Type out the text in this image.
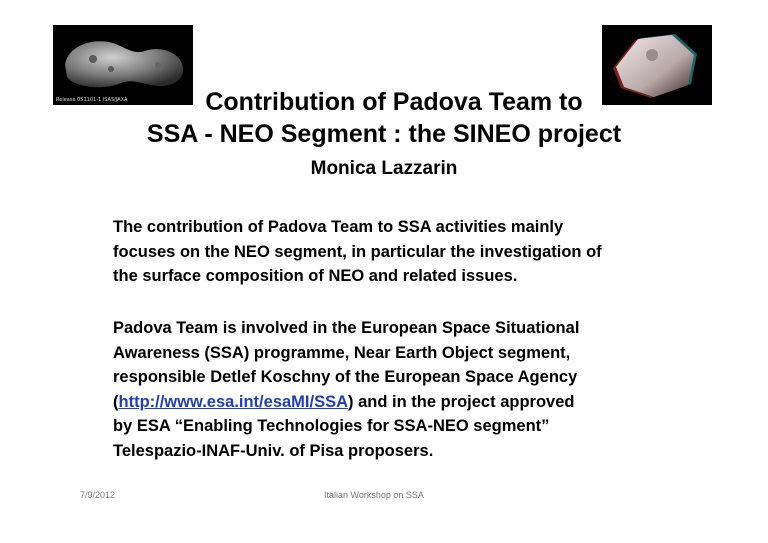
Release 051101-1 ISAS/JAXA	Contribution of Padova Team to
SSA - NEO Segment : the SINEO project
Monica Lazzarin
The contribution of Padova Team to SSA activities mainly
focuses on the NEO segment, in particular the investigation of
the surface composition of NEO and related issues.
Padova Team is involved in the European Space Situational
Awareness (SSA) programme, Near Earth Object segment,
responsible Detlef Koschny of the European Space Agency
(http://www.esa.int/esaMI/SSA) and in the project approved
by ESA “Enabling Technologies for SSA-NEO segment”
Telespazio-INAF-Univ. of Pisa proposers.
7/9/2012	Italian Workshop on SSA
